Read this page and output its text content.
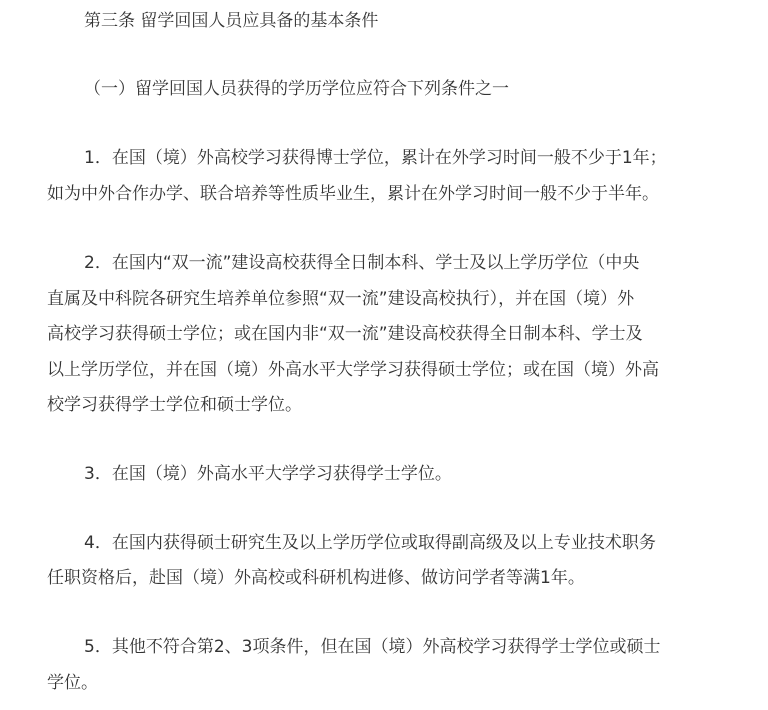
第三条 留学回国人员应具备的基本条件
（一）留学回国人员获得的学历学位应符合下列条件之一
1．在国（境）外高校学习获得博士学位，累计在外学习时间一般不少于1年；
如为中外合作办学、联合培养等性质毕业生，累计在外学习时间一般不少于半年。
2．在国内“双一流”建设高校获得全日制本科、学士及以上学历学位（中央
直属及中科院各研究生培养单位参照“双一流”建设高校执行），并在国（境）外
高校学习获得硕士学位；或在国内非“双一流”建设高校获得全日制本科、学士及
以上学历学位，并在国（境）外高水平大学学习获得硕士学位；或在国（境）外高
校学习获得学士学位和硕士学位。
3．在国（境）外高水平大学学习获得学士学位。
4．在国内获得硕士研究生及以上学历学位或取得副高级及以上专业技术职务
任职资格后，赴国（境）外高校或科研机构进修、做访问学者等满1年。
5．其他不符合第2、3项条件，但在国（境）外高校学习获得学士学位或硕士
学位。
